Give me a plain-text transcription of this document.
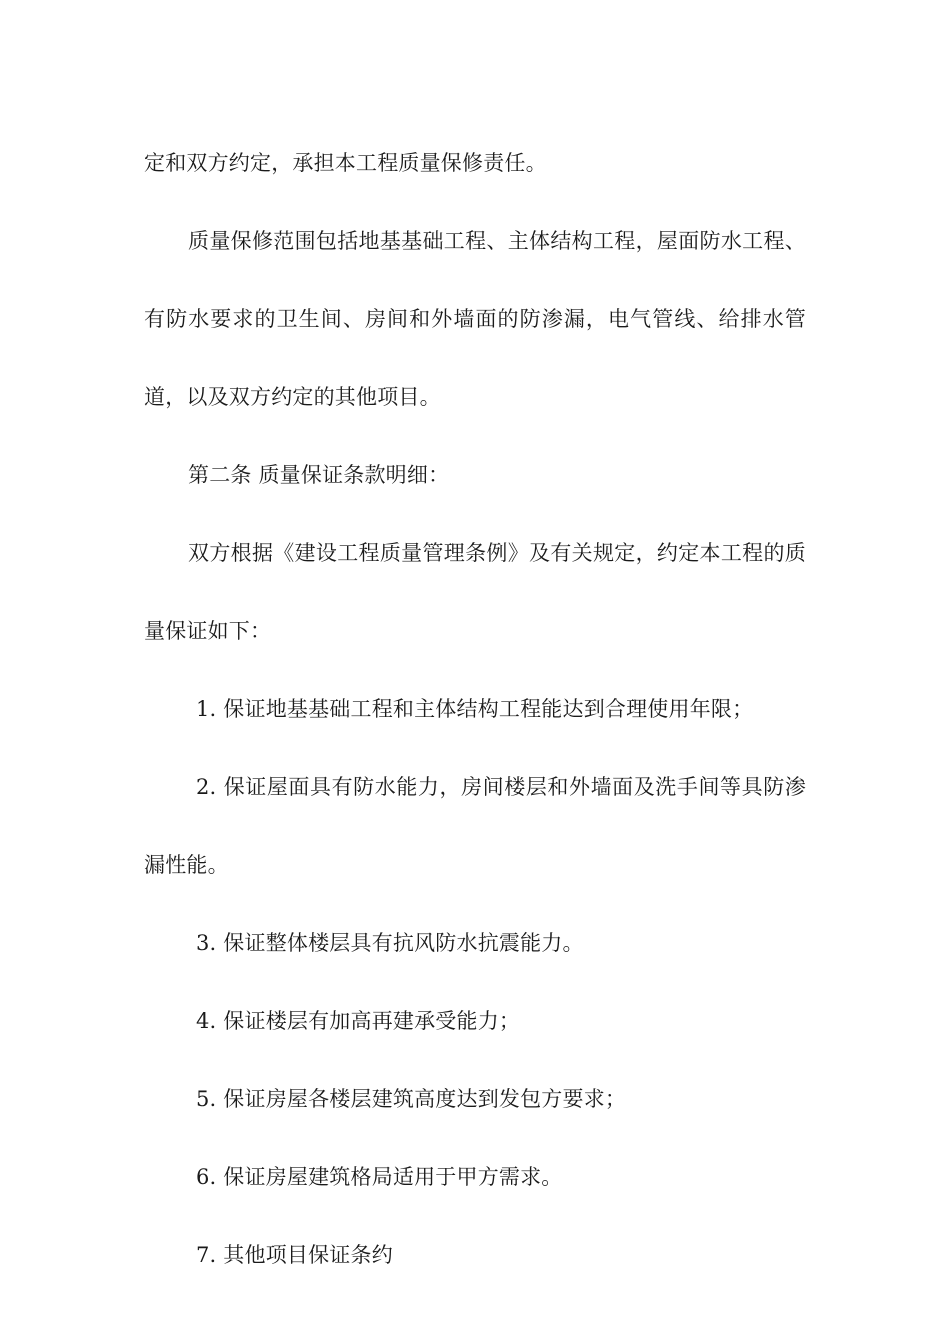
定和双方约定，承担本工程质量保修责任。

质量保修范围包括地基基础工程、主体结构工程，屋面防水工程、有防水要求的卫生间、房间和外墙面的防渗漏，电气管线、给排水管道，以及双方约定的其他项目。

第二条 质量保证条款明细：

双方根据《建设工程质量管理条例》及有关规定，约定本工程的质量保证如下：

1. 保证地基基础工程和主体结构工程能达到合理使用年限；

2. 保证屋面具有防水能力，房间楼层和外墙面及洗手间等具防渗漏性能。

3. 保证整体楼层具有抗风防水抗震能力。

4. 保证楼层有加高再建承受能力；

5. 保证房屋各楼层建筑高度达到发包方要求；

6. 保证房屋建筑格局适用于甲方需求。

7. 其他项目保证条约
